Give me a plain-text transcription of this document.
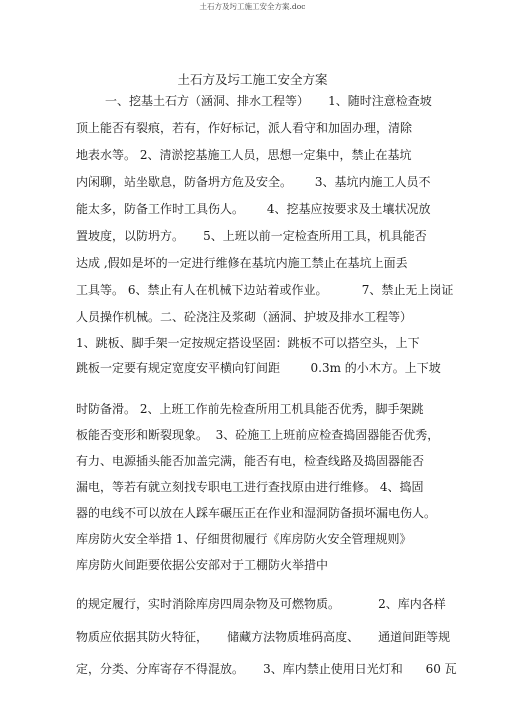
土石方及圬工施工安全方案.doc
土石方及圬工施工安全方案
一、挖基土石方（涵洞、排水工程等）     1、随时注意检查坡
顶上能否有裂痕，若有，作好标记，派人看守和加固办理，清除
地表水等。 2、清淤挖基施工人员，思想一定集中，禁止在基坑
内闲聊，站坐歇息，防备坍方危及安全。      3、基坑内施工人员不
能太多，防备工作时工具伤人。      4、挖基应按要求及土壤状况放
置坡度，以防坍方。     5、上班以前一定检查所用工具，机具能否
达成 ,假如是坏的一定进行维修在基坑内施工禁止在基坑上面丢
工具等。 6、禁止有人在机械下边站着或作业。         7、禁止无上岗证
人员操作机械。二、砼浇注及浆砌（涵洞、护坡及排水工程等）
1、跳板、脚手架一定按规定搭设坚固：跳板不可以搭空头，上下
跳板一定要有规定宽度安平横向钉间距        0.3m 的小木方。上下坡
时防备滑。 2、上班工作前先检查所用工机具能否优秀，脚手架跳
板能否变形和断裂现象。  3、砼施工上班前应检查捣固器能否优秀，
有力、电源插头能否加盖完满，能否有电，检查线路及捣固器能否
漏电，等若有就立刻找专职电工进行查找原由进行维修。 4、捣固
器的电线不可以放在人踩车碾压正在作业和湿洞防备损坏漏电伤人。
库房防火安全举措 1、仔细贯彻履行《库房防火安全管理规则》
库房防火间距要依据公安部对于工棚防火举措中
的规定履行，实时消除库房四周杂物及可燃物质。          2、库内各样
物质应依据其防火特征，     储藏方法物质堆码高度、     通道间距等规
定，分类、分库寄存不得混放。     3、库内禁止使用日光灯和      60 瓦
